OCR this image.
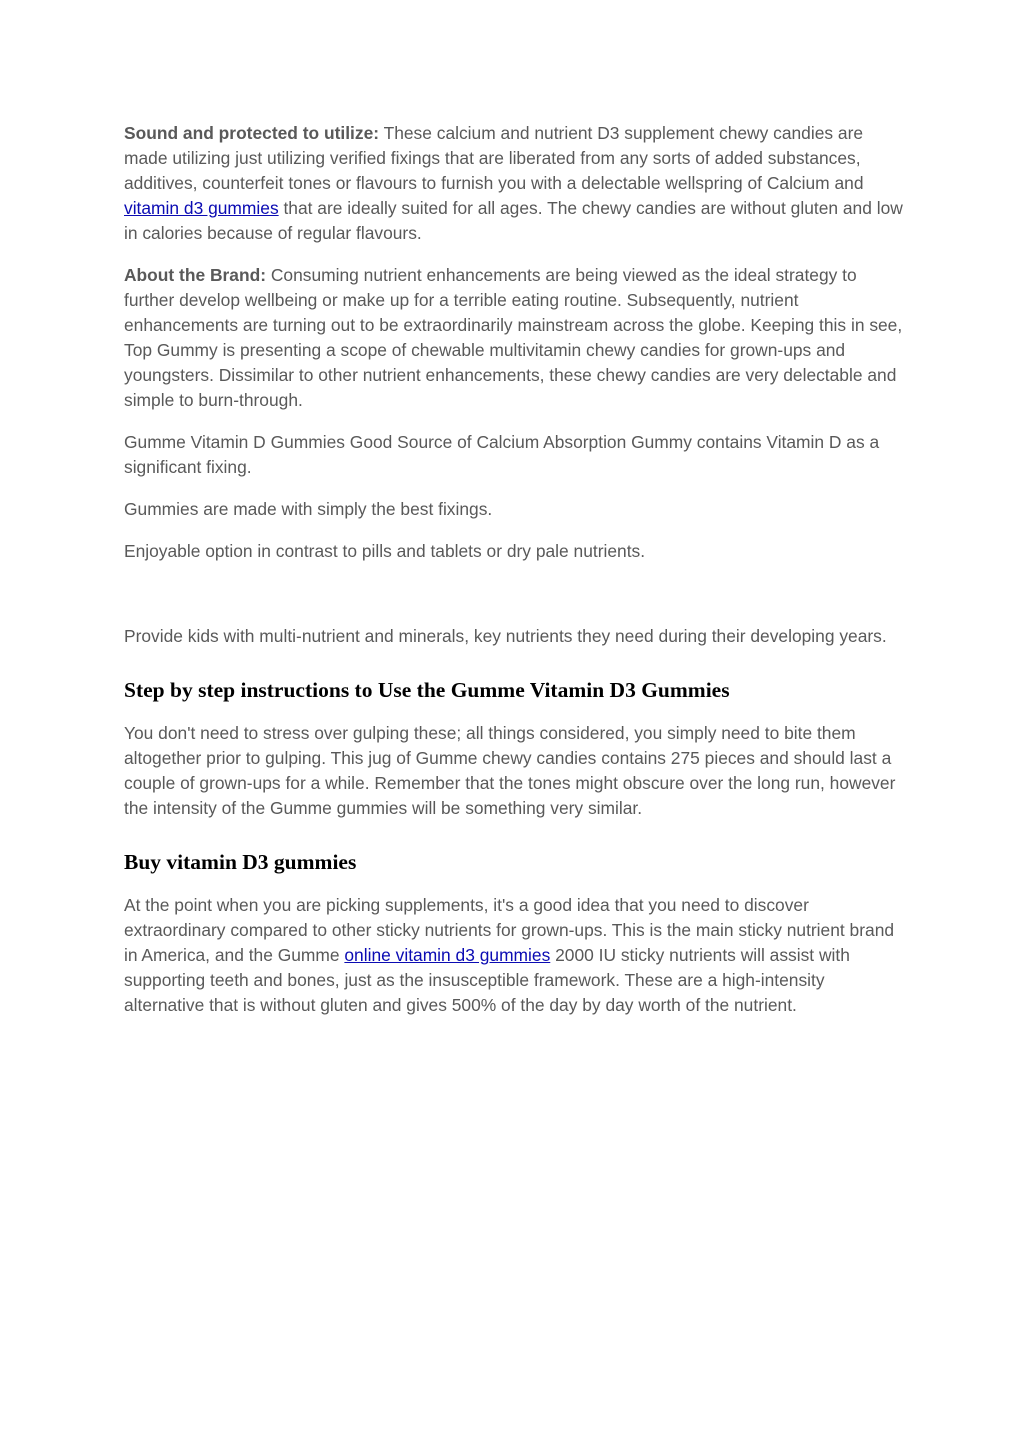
Sound and protected to utilize: These calcium and nutrient D3 supplement chewy candies are made utilizing just utilizing verified fixings that are liberated from any sorts of added substances, additives, counterfeit tones or flavours to furnish you with a delectable wellspring of Calcium and vitamin d3 gummies that are ideally suited for all ages. The chewy candies are without gluten and low in calories because of regular flavours.

About the Brand: Consuming nutrient enhancements are being viewed as the ideal strategy to further develop wellbeing or make up for a terrible eating routine. Subsequently, nutrient enhancements are turning out to be extraordinarily mainstream across the globe. Keeping this in see, Top Gummy is presenting a scope of chewable multivitamin chewy candies for grown-ups and youngsters. Dissimilar to other nutrient enhancements, these chewy candies are very delectable and simple to burn-through.

Gumme Vitamin D Gummies Good Source of Calcium Absorption Gummy contains Vitamin D as a significant fixing.

Gummies are made with simply the best fixings.

Enjoyable option in contrast to pills and tablets or dry pale nutrients.

Provide kids with multi-nutrient and minerals, key nutrients they need during their developing years.

Step by step instructions to Use the Gumme Vitamin D3 Gummies

You don't need to stress over gulping these; all things considered, you simply need to bite them altogether prior to gulping. This jug of Gumme chewy candies contains 275 pieces and should last a couple of grown-ups for a while. Remember that the tones might obscure over the long run, however the intensity of the Gumme gummies will be something very similar.

Buy vitamin D3 gummies

At the point when you are picking supplements, it's a good idea that you need to discover extraordinary compared to other sticky nutrients for grown-ups. This is the main sticky nutrient brand in America, and the Gumme online vitamin d3 gummies 2000 IU sticky nutrients will assist with supporting teeth and bones, just as the insusceptible framework. These are a high-intensity alternative that is without gluten and gives 500% of the day by day worth of the nutrient.
